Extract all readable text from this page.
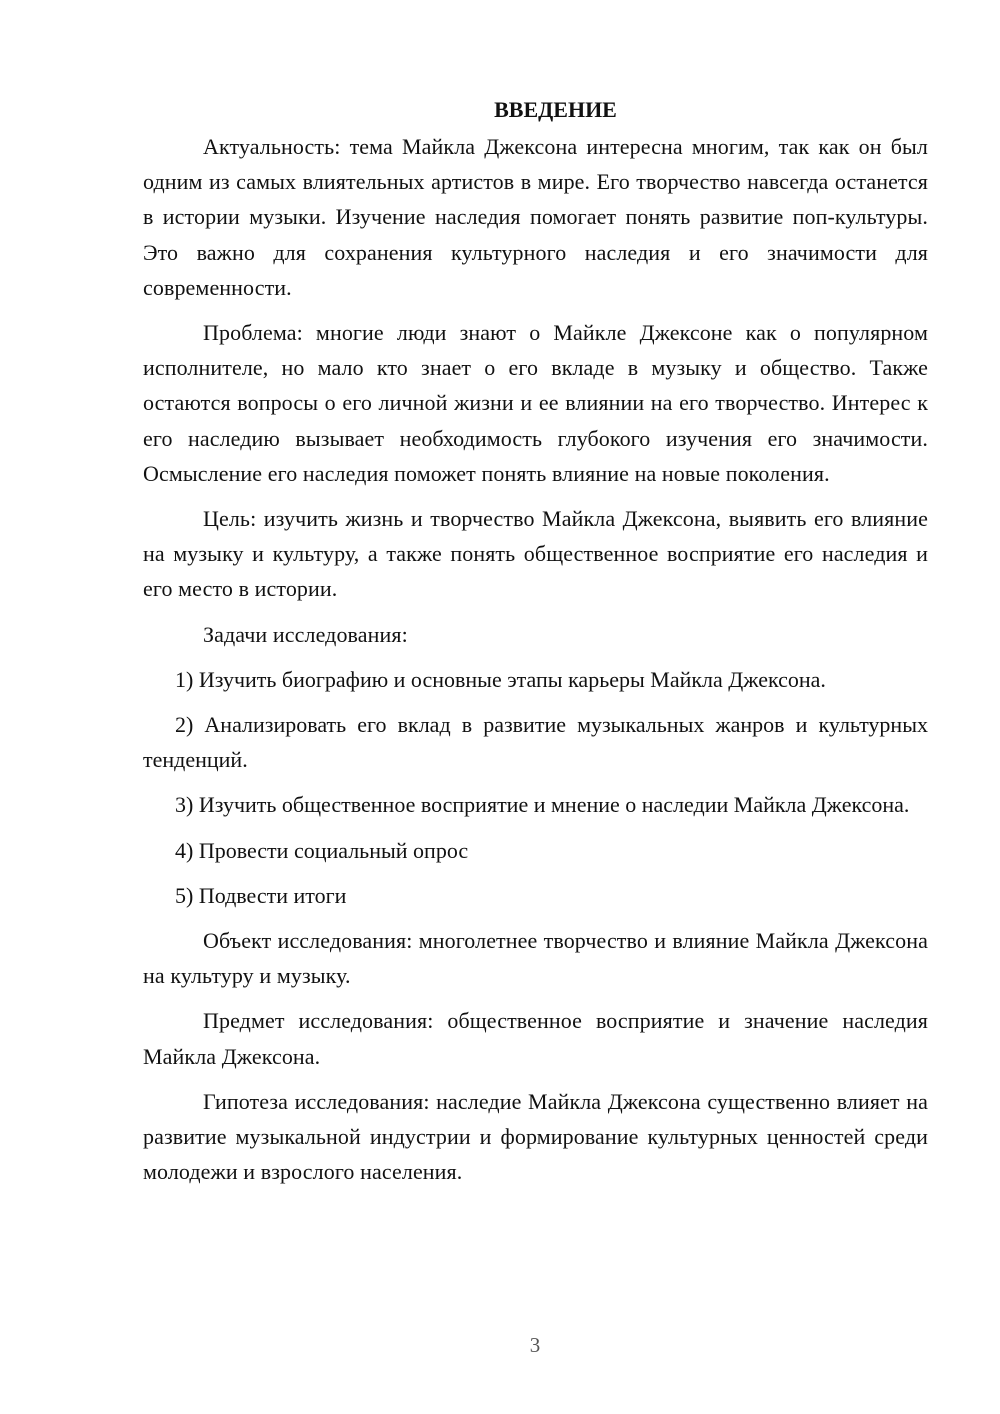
ВВЕДЕНИЕ

Актуальность: тема Майкла Джексона интересна многим, так как он был одним из самых влиятельных артистов в мире. Его творчество навсегда останется в истории музыки. Изучение наследия помогает понять развитие поп-культуры. Это важно для сохранения культурного наследия и его значимости для современности.

Проблема: многие люди знают о Майкле Джексоне как о популярном исполнителе, но мало кто знает о его вкладе в музыку и общество. Также остаются вопросы о его личной жизни и ее влиянии на его творчество. Интерес к его наследию вызывает необходимость глубокого изучения его значимости. Осмысление его наследия поможет понять влияние на новые поколения.

Цель: изучить жизнь и творчество Майкла Джексона, выявить его влияние на музыку и культуру, а также понять общественное восприятие его наследия и его место в истории.

Задачи исследования:

1) Изучить биографию и основные этапы карьеры Майкла Джексона.

2) Анализировать его вклад в развитие музыкальных жанров и культурных тенденций.

3) Изучить общественное восприятие и мнение о наследии Майкла Джексона.

4) Провести социальный опрос

5) Подвести итоги

Объект исследования: многолетнее творчество и влияние Майкла Джексона на культуру и музыку.

Предмет исследования: общественное восприятие и значение наследия Майкла Джексона.

Гипотеза исследования: наследие Майкла Джексона существенно влияет на развитие музыкальной индустрии и формирование культурных ценностей среди молодежи и взрослого населения.

3
